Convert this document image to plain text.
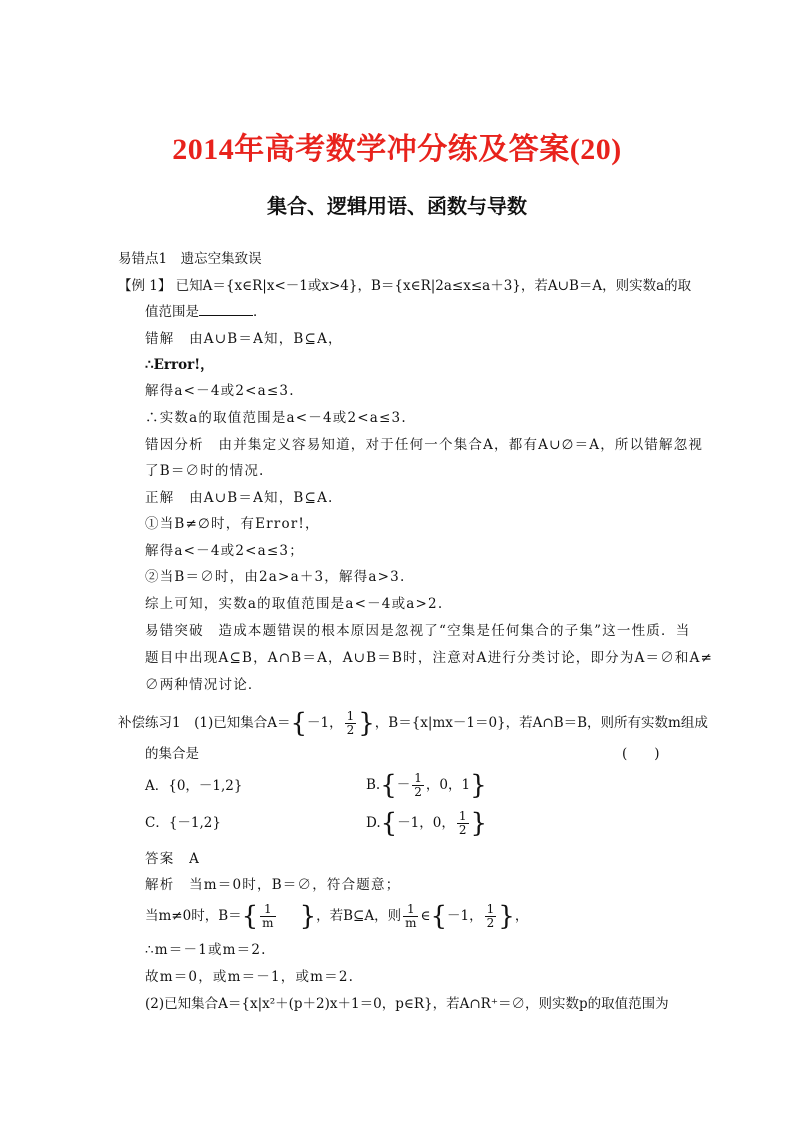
2014年高考数学冲分练及答案(20)
集合、逻辑用语、函数与导数
易错点1　遗忘空集致误
【例 1】 已知A＝{x∈R|x<－1或x>4}，B＝{x∈R|2a≤x≤a＋3}，若A∪B＝A，则实数a的取
值范围是	．
错解　由A∪B＝A知，B⊆A，
∴Error!，
解得a<－4或2<a≤3.
∴实数a的取值范围是a<－4或2<a≤3.
错因分析　由并集定义容易知道，对于任何一个集合A，都有A∪∅＝A，所以错解忽视
了B＝∅时的情况.
正解　由A∪B＝A知，B⊆A.
①当B≠∅时，有Error!，
解得a<－4或2<a≤3；
②当B＝∅时，由2a>a＋3，解得a>3.
综上可知，实数a的取值范围是a<－4或a>2.
易错突破　造成本题错误的根本原因是忽视了“空集是任何集合的子集”这一性质．当
题目中出现A⊆B，A∩B＝A，A∪B＝B时，注意对A进行分类讨论，即分为A＝∅和A≠
∅两种情况讨论．
补偿练习1　(1)已知集合A＝{－1， $\frac{1}{2}$ }，B＝{x|mx－1＝0}，若A∩B＝B，则所有实数m组成
的集合是	(　　)
A．{0，－1,2}	$B.\{- \frac{1}{2}$ ，0，1}
C．{－1,2}	D.{－1，0， $\frac{1}{2}$ }
答案　A
解析　当m＝0时，B＝∅，符合题意；
当m≠0时，$B=\{ \frac{1}{m}$ }，若B⊆A，则 $\frac{1}{m}$ ∈{－1， $\frac{1}{2}$ }，
∴m＝－1或m＝2.
故m＝0，或m＝－1，或m＝2.
(2)已知集合A＝{x|x²＋(p＋2)x＋1＝0，p∈R}，若A∩R⁺＝∅，则实数p的取值范围为
